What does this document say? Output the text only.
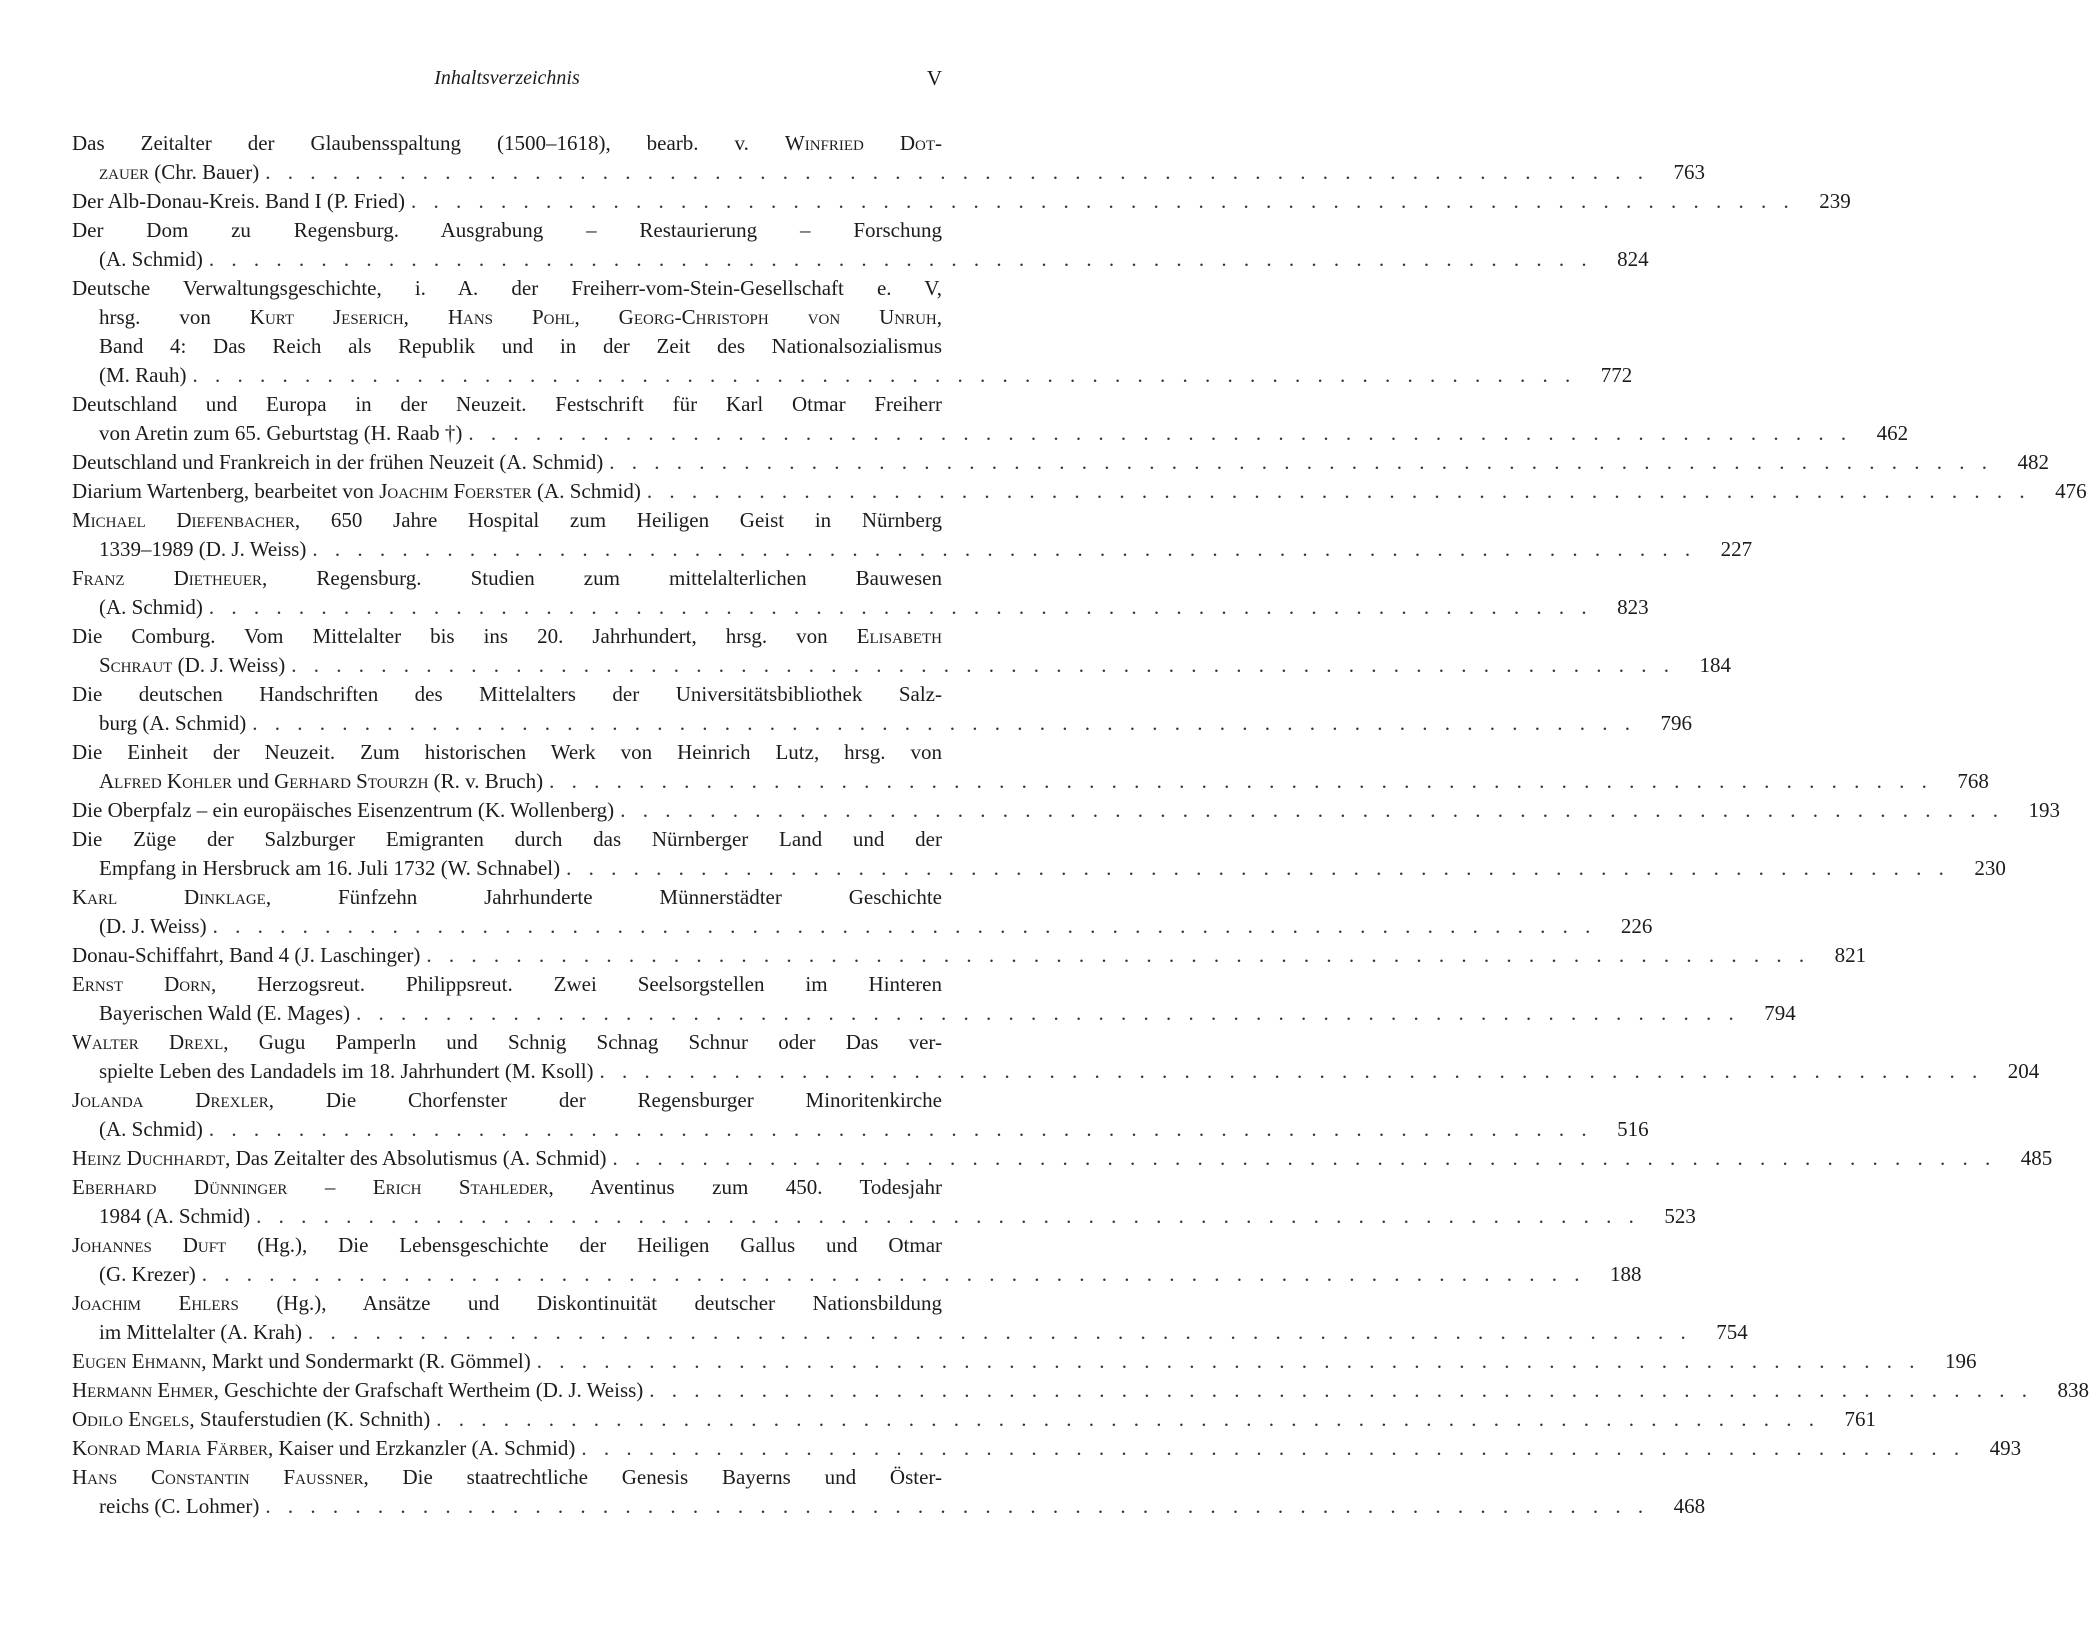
Inhaltsverzeichnis	V
Das Zeitalter der Glaubensspaltung (1500–1618), bearb. v. Winfried Dot-
zauer (Chr. Bauer) . . . . . . . . . . . . . . . . . . . . . . . . . . . . . . . . . . . . . . . . . . . . . . . . . . . . . . . . . . . . . .	763
Der Alb-Donau-Kreis. Band I (P. Fried) . . . . . . . . . . . . . . . . . . . . . . . . . . . . . . . . . . . . . . . . . . . . . . . . . . . . . . . . . . . . . .	239
Der Dom zu Regensburg. Ausgrabung – Restaurierung – Forschung
(A. Schmid) . . . . . . . . . . . . . . . . . . . . . . . . . . . . . . . . . . . . . . . . . . . . . . . . . . . . . . . . . . . . . .	824
Deutsche Verwaltungsgeschichte, i. A. der Freiherr-vom-Stein-Gesellschaft e. V,
hrsg. von Kurt Jeserich, Hans Pohl, Georg-Christoph von Unruh,
Band 4: Das Reich als Republik und in der Zeit des Nationalsozialismus
(M. Rauh) . . . . . . . . . . . . . . . . . . . . . . . . . . . . . . . . . . . . . . . . . . . . . . . . . . . . . . . . . . . . . .	772
Deutschland und Europa in der Neuzeit. Festschrift für Karl Otmar Freiherr
von Aretin zum 65. Geburtstag (H. Raab †) . . . . . . . . . . . . . . . . . . . . . . . . . . . . . . . . . . . . . . . . . . . . . . . . . . . . . . . . . . . . . .	462
Deutschland und Frankreich in der frühen Neuzeit (A. Schmid) . . . . . . . . . . . . . . . . . . . . . . . . . . . . . . . . . . . . . . . . . . . . . . . . . . . . . . . . . . . . . .	482
Diarium Wartenberg, bearbeitet von Joachim Foerster (A. Schmid) . . . . . . . . . . . . . . . . . . . . . . . . . . . . . . . . . . . . . . . . . . . . . . . . . . . . . . . . . . . . . .	476
Michael Diefenbacher, 650 Jahre Hospital zum Heiligen Geist in Nürnberg
1339–1989 (D. J. Weiss) . . . . . . . . . . . . . . . . . . . . . . . . . . . . . . . . . . . . . . . . . . . . . . . . . . . . . . . . . . . . . .	227
Franz Dietheuer, Regensburg. Studien zum mittelalterlichen Bauwesen
(A. Schmid) . . . . . . . . . . . . . . . . . . . . . . . . . . . . . . . . . . . . . . . . . . . . . . . . . . . . . . . . . . . . . .	823
Die Comburg. Vom Mittelalter bis ins 20. Jahrhundert, hrsg. von Elisabeth
Schraut (D. J. Weiss) . . . . . . . . . . . . . . . . . . . . . . . . . . . . . . . . . . . . . . . . . . . . . . . . . . . . . . . . . . . . . .	184
Die deutschen Handschriften des Mittelalters der Universitätsbibliothek Salz-
burg (A. Schmid) . . . . . . . . . . . . . . . . . . . . . . . . . . . . . . . . . . . . . . . . . . . . . . . . . . . . . . . . . . . . . .	796
Die Einheit der Neuzeit. Zum historischen Werk von Heinrich Lutz, hrsg. von
Alfred Kohler und Gerhard Stourzh (R. v. Bruch) . . . . . . . . . . . . . . . . . . . . . . . . . . . . . . . . . . . . . . . . . . . . . . . . . . . . . . . . . . . . . .	768
Die Oberpfalz – ein europäisches Eisenzentrum (K. Wollenberg) . . . . . . . . . . . . . . . . . . . . . . . . . . . . . . . . . . . . . . . . . . . . . . . . . . . . . . . . . . . . . .	193
Die Züge der Salzburger Emigranten durch das Nürnberger Land und der
Empfang in Hersbruck am 16. Juli 1732 (W. Schnabel) . . . . . . . . . . . . . . . . . . . . . . . . . . . . . . . . . . . . . . . . . . . . . . . . . . . . . . . . . . . . . .	230
Karl Dinklage, Fünfzehn Jahrhunderte Münnerstädter Geschichte
(D. J. Weiss) . . . . . . . . . . . . . . . . . . . . . . . . . . . . . . . . . . . . . . . . . . . . . . . . . . . . . . . . . . . . . .	226
Donau-Schiffahrt, Band 4 (J. Laschinger) . . . . . . . . . . . . . . . . . . . . . . . . . . . . . . . . . . . . . . . . . . . . . . . . . . . . . . . . . . . . . .	821
Ernst Dorn, Herzogsreut. Philippsreut. Zwei Seelsorgstellen im Hinteren
Bayerischen Wald (E. Mages) . . . . . . . . . . . . . . . . . . . . . . . . . . . . . . . . . . . . . . . . . . . . . . . . . . . . . . . . . . . . . .	794
Walter Drexl, Gugu Pamperln und Schnig Schnag Schnur oder Das ver-
spielte Leben des Landadels im 18. Jahrhundert (M. Ksoll) . . . . . . . . . . . . . . . . . . . . . . . . . . . . . . . . . . . . . . . . . . . . . . . . . . . . . . . . . . . . . .	204
Jolanda Drexler, Die Chorfenster der Regensburger Minoritenkirche
(A. Schmid) . . . . . . . . . . . . . . . . . . . . . . . . . . . . . . . . . . . . . . . . . . . . . . . . . . . . . . . . . . . . . .	516
Heinz Duchhardt, Das Zeitalter des Absolutismus (A. Schmid) . . . . . . . . . . . . . . . . . . . . . . . . . . . . . . . . . . . . . . . . . . . . . . . . . . . . . . . . . . . . . .	485
Eberhard Dünninger – Erich Stahleder, Aventinus zum 450. Todesjahr
1984 (A. Schmid) . . . . . . . . . . . . . . . . . . . . . . . . . . . . . . . . . . . . . . . . . . . . . . . . . . . . . . . . . . . . . .	523
Johannes Duft (Hg.), Die Lebensgeschichte der Heiligen Gallus und Otmar
(G. Krezer) . . . . . . . . . . . . . . . . . . . . . . . . . . . . . . . . . . . . . . . . . . . . . . . . . . . . . . . . . . . . . .	188
Joachim Ehlers (Hg.), Ansätze und Diskontinuität deutscher Nationsbildung
im Mittelalter (A. Krah) . . . . . . . . . . . . . . . . . . . . . . . . . . . . . . . . . . . . . . . . . . . . . . . . . . . . . . . . . . . . . .	754
Eugen Ehmann, Markt und Sondermarkt (R. Gömmel) . . . . . . . . . . . . . . . . . . . . . . . . . . . . . . . . . . . . . . . . . . . . . . . . . . . . . . . . . . . . . .	196
Hermann Ehmer, Geschichte der Grafschaft Wertheim (D. J. Weiss) . . . . . . . . . . . . . . . . . . . . . . . . . . . . . . . . . . . . . . . . . . . . . . . . . . . . . . . . . . . . . .	838
Odilo Engels, Stauferstudien (K. Schnith) . . . . . . . . . . . . . . . . . . . . . . . . . . . . . . . . . . . . . . . . . . . . . . . . . . . . . . . . . . . . . .	761
Konrad Maria Färber, Kaiser und Erzkanzler (A. Schmid) . . . . . . . . . . . . . . . . . . . . . . . . . . . . . . . . . . . . . . . . . . . . . . . . . . . . . . . . . . . . . .	493
Hans Constantin Faussner, Die staatrechtliche Genesis Bayerns und Öster-
reichs (C. Lohmer) . . . . . . . . . . . . . . . . . . . . . . . . . . . . . . . . . . . . . . . . . . . . . . . . . . . . . . . . . . . . . .	468
